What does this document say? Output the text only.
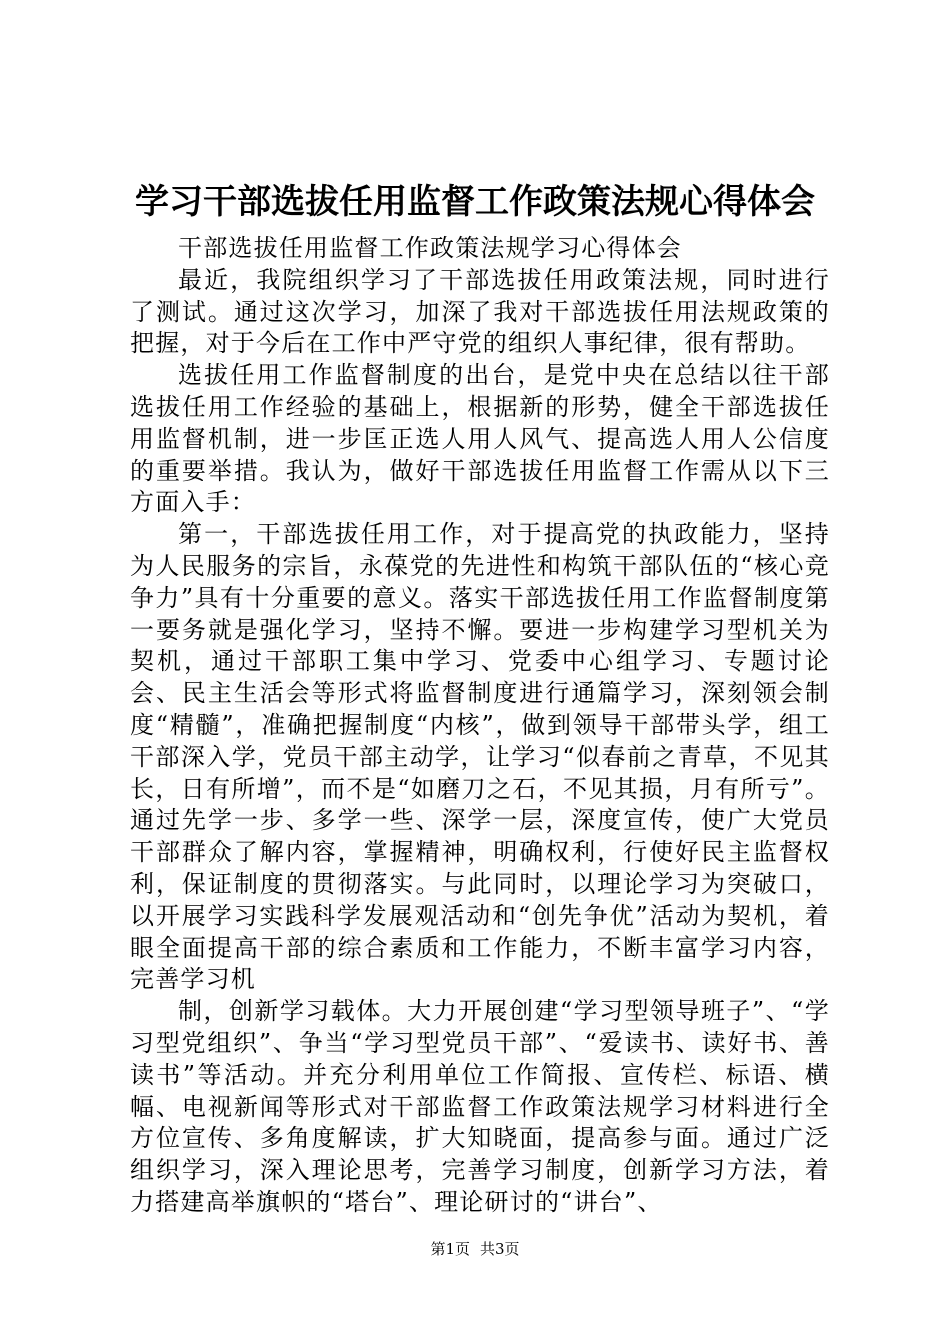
学习干部选拔任用监督工作政策法规心得体会

干部选拔任用监督工作政策法规学习心得体会

最近，我院组织学习了干部选拔任用政策法规，同时进行了测试。通过这次学习，加深了我对干部选拔任用法规政策的把握，对于今后在工作中严守党的组织人事纪律，很有帮助。

选拔任用工作监督制度的出台，是党中央在总结以往干部选拔任用工作经验的基础上，根据新的形势，健全干部选拔任用监督机制，进一步匡正选人用人风气、提高选人用人公信度的重要举措。我认为，做好干部选拔任用监督工作需从以下三方面入手：

第一，干部选拔任用工作，对于提高党的执政能力，坚持为人民服务的宗旨，永葆党的先进性和构筑干部队伍的“核心竞争力”具有十分重要的意义。落实干部选拔任用工作监督制度第一要务就是强化学习，坚持不懈。要进一步构建学习型机关为契机，通过干部职工集中学习、党委中心组学习、专题讨论会、民主生活会等形式将监督制度进行通篇学习，深刻领会制度“精髓”，准确把握制度“内核”，做到领导干部带头学，组工干部深入学，党员干部主动学，让学习“似春前之青草，不见其长，日有所增”，而不是“如磨刀之石，不见其损，月有所亏”。通过先学一步、多学一些、深学一层，深度宣传，使广大党员干部群众了解内容，掌握精神，明确权利，行使好民主监督权利，保证制度的贯彻落实。与此同时，以理论学习为突破口，以开展学习实践科学发展观活动和“创先争优”活动为契机，着眼全面提高干部的综合素质和工作能力，不断丰富学习内容，完善学习机

制，创新学习载体。大力开展创建“学习型领导班子”、“学习型党组织”、争当“学习型党员干部”、“爱读书、读好书、善读书”等活动。并充分利用单位工作简报、宣传栏、标语、横幅、电视新闻等形式对干部监督工作政策法规学习材料进行全方位宣传、多角度解读，扩大知晓面，提高参与面。通过广泛组织学习，深入理论思考，完善学习制度，创新学习方法，着力搭建高举旗帜的“塔台”、理论研讨的“讲台”、

第1页 共3页
